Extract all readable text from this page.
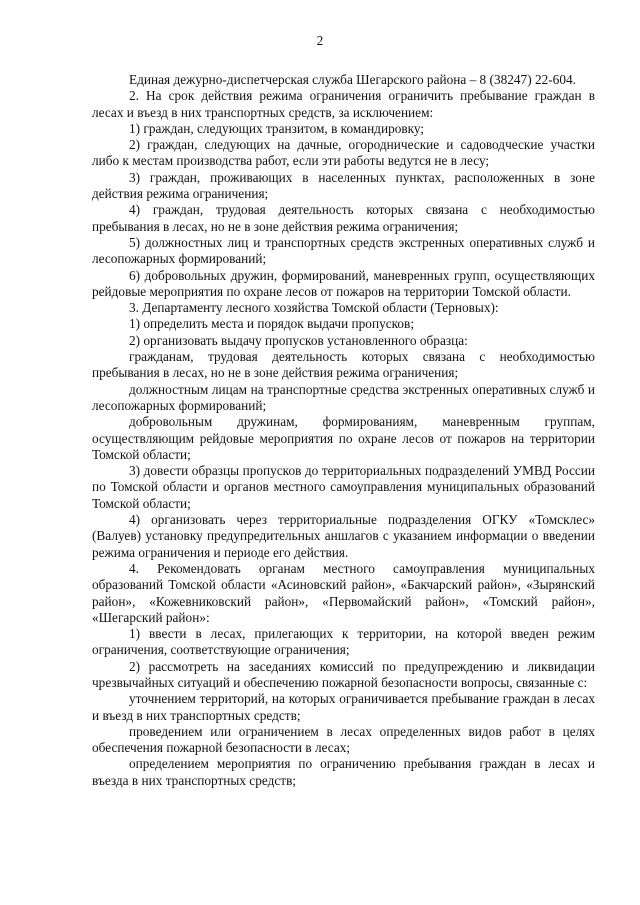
2

Единая дежурно-диспетчерская служба Шегарского района – 8 (38247) 22-604.

2. На срок действия режима ограничения ограничить пребывание граждан в лесах и въезд в них транспортных средств, за исключением:

1) граждан, следующих транзитом, в командировку;

2) граждан, следующих на дачные, огороднические и садоводческие участки либо к местам производства работ, если эти работы ведутся не в лесу;

3) граждан, проживающих в населенных пунктах, расположенных в зоне действия режима ограничения;

4) граждан, трудовая деятельность которых связана с необходимостью пребывания в лесах, но не в зоне действия режима ограничения;

5) должностных лиц и транспортных средств экстренных оперативных служб и лесопожарных формирований;

6) добровольных дружин, формирований, маневренных групп, осуществляющих рейдовые мероприятия по охране лесов от пожаров на территории Томской области.

3. Департаменту лесного хозяйства Томской области (Терновых):

1) определить места и порядок выдачи пропусков;

2) организовать выдачу пропусков установленного образца:

гражданам, трудовая деятельность которых связана с необходимостью пребывания в лесах, но не в зоне действия режима ограничения;

должностным лицам на транспортные средства экстренных оперативных служб и лесопожарных формирований;

добровольным дружинам, формированиям, маневренным группам, осуществляющим рейдовые мероприятия по охране лесов от пожаров на территории Томской области;

3) довести образцы пропусков до территориальных подразделений УМВД России по Томской области и органов местного самоуправления муниципальных образований Томской области;

4) организовать через территориальные подразделения ОГКУ «Томсклес» (Валуев) установку предупредительных аншлагов с указанием информации о введении режима ограничения и периоде его действия.

4. Рекомендовать органам местного самоуправления муниципальных образований Томской области «Асиновский район», «Бакчарский район», «Зырянский район», «Кожевниковский район», «Первомайский район», «Томский район», «Шегарский район»:

1) ввести в лесах, прилегающих к территории, на которой введен режим ограничения, соответствующие ограничения;

2) рассмотреть на заседаниях комиссий по предупреждению и ликвидации чрезвычайных ситуаций и обеспечению пожарной безопасности вопросы, связанные с:

уточнением территорий, на которых ограничивается пребывание граждан в лесах и въезд в них транспортных средств;

проведением или ограничением в лесах определенных видов работ в целях обеспечения пожарной безопасности в лесах;

определением мероприятия по ограничению пребывания граждан в лесах и въезда в них транспортных средств;
